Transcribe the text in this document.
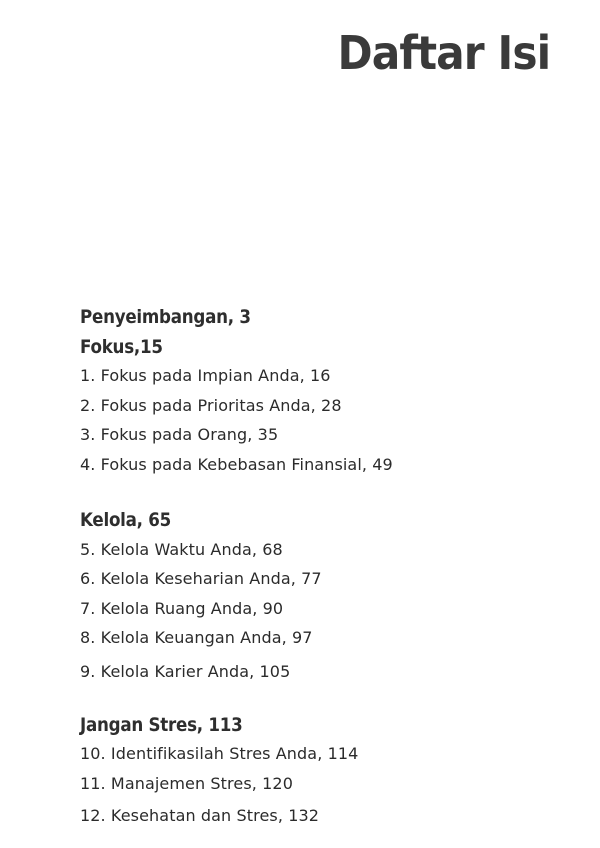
Daftar Isi
Penyeimbangan, 3
Fokus,15
1. Fokus pada Impian Anda, 16
2. Fokus pada Prioritas Anda, 28
3. Fokus pada Orang, 35
4. Fokus pada Kebebasan Finansial, 49
Kelola, 65
5. Kelola Waktu Anda, 68
6. Kelola Keseharian Anda, 77
7. Kelola Ruang Anda, 90
8. Kelola Keuangan Anda, 97
9. Kelola Karier Anda, 105
Jangan Stres, 113
10. Identifikasilah Stres Anda, 114
11. Manajemen Stres, 120
12. Kesehatan dan Stres, 132
